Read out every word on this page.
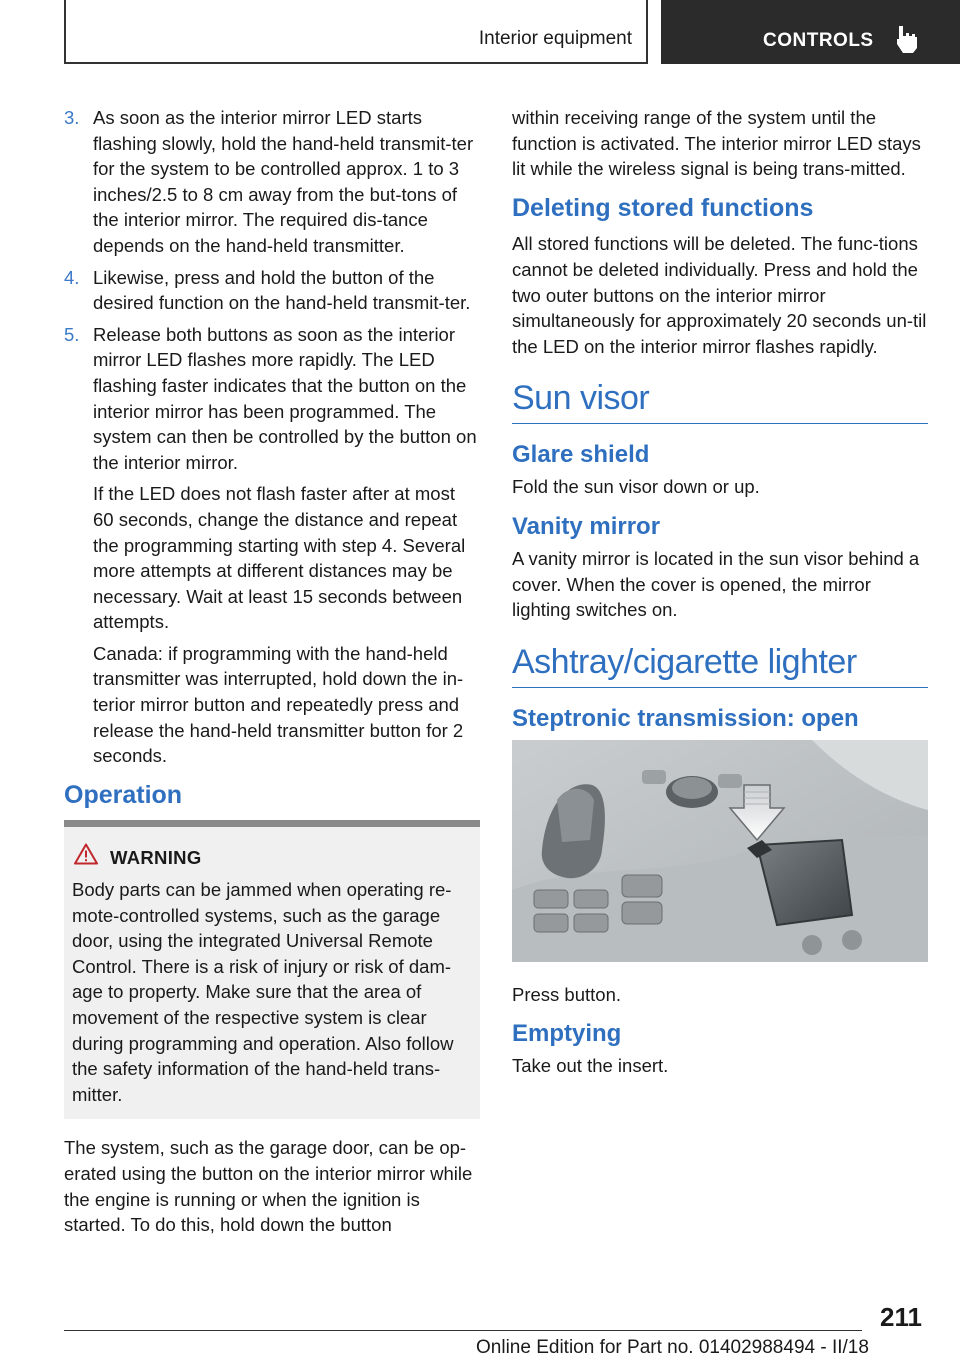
Interior equipment	CONTROLS
3. As soon as the interior mirror LED starts flashing slowly, hold the hand-held transmit‐ter for the system to be controlled approx. 1 to 3 inches/2.5 to 8 cm away from the but‐tons of the interior mirror. The required dis‐tance depends on the hand-held transmitter.
4. Likewise, press and hold the button of the desired function on the hand-held transmit‐ter.
5. Release both buttons as soon as the interior mirror LED flashes more rapidly. The LED flashing faster indicates that the button on the interior mirror has been programmed. The system can then be controlled by the button on the interior mirror.

If the LED does not flash faster after at most 60 seconds, change the distance and repeat the programming starting with step 4. Several more attempts at different distances may be necessary. Wait at least 15 seconds between attempts.

Canada: if programming with the hand-held transmitter was interrupted, hold down the in‐terior mirror button and repeatedly press and release the hand-held transmitter button for 2 seconds.

Operation
WARNING
Body parts can be jammed when operating re‐mote-controlled systems, such as the garage door, using the integrated Universal Remote Control. There is a risk of injury or risk of dam‐age to property. Make sure that the area of movement of the respective system is clear during programming and operation. Also follow the safety information of the hand-held trans‐mitter.

The system, such as the garage door, can be op‐erated using the button on the interior mirror while the engine is running or when the ignition is started. To do this, hold down the button

within receiving range of the system until the function is activated. The interior mirror LED stays lit while the wireless signal is being trans‐mitted.

Deleting stored functions

All stored functions will be deleted. The func‐tions cannot be deleted individually. Press and hold the two outer buttons on the interior mirror simultaneously for approximately 20 seconds un‐til the LED on the interior mirror flashes rapidly.

Sun visor
Glare shield

Fold the sun visor down or up.

Vanity mirror

A vanity mirror is located in the sun visor behind a cover. When the cover is opened, the mirror lighting switches on.

Ashtray/cigarette lighter
Steptronic transmission: open

Press button.

Emptying

Take out the insert.

211
Online Edition for Part no. 01402988494 - II/18
